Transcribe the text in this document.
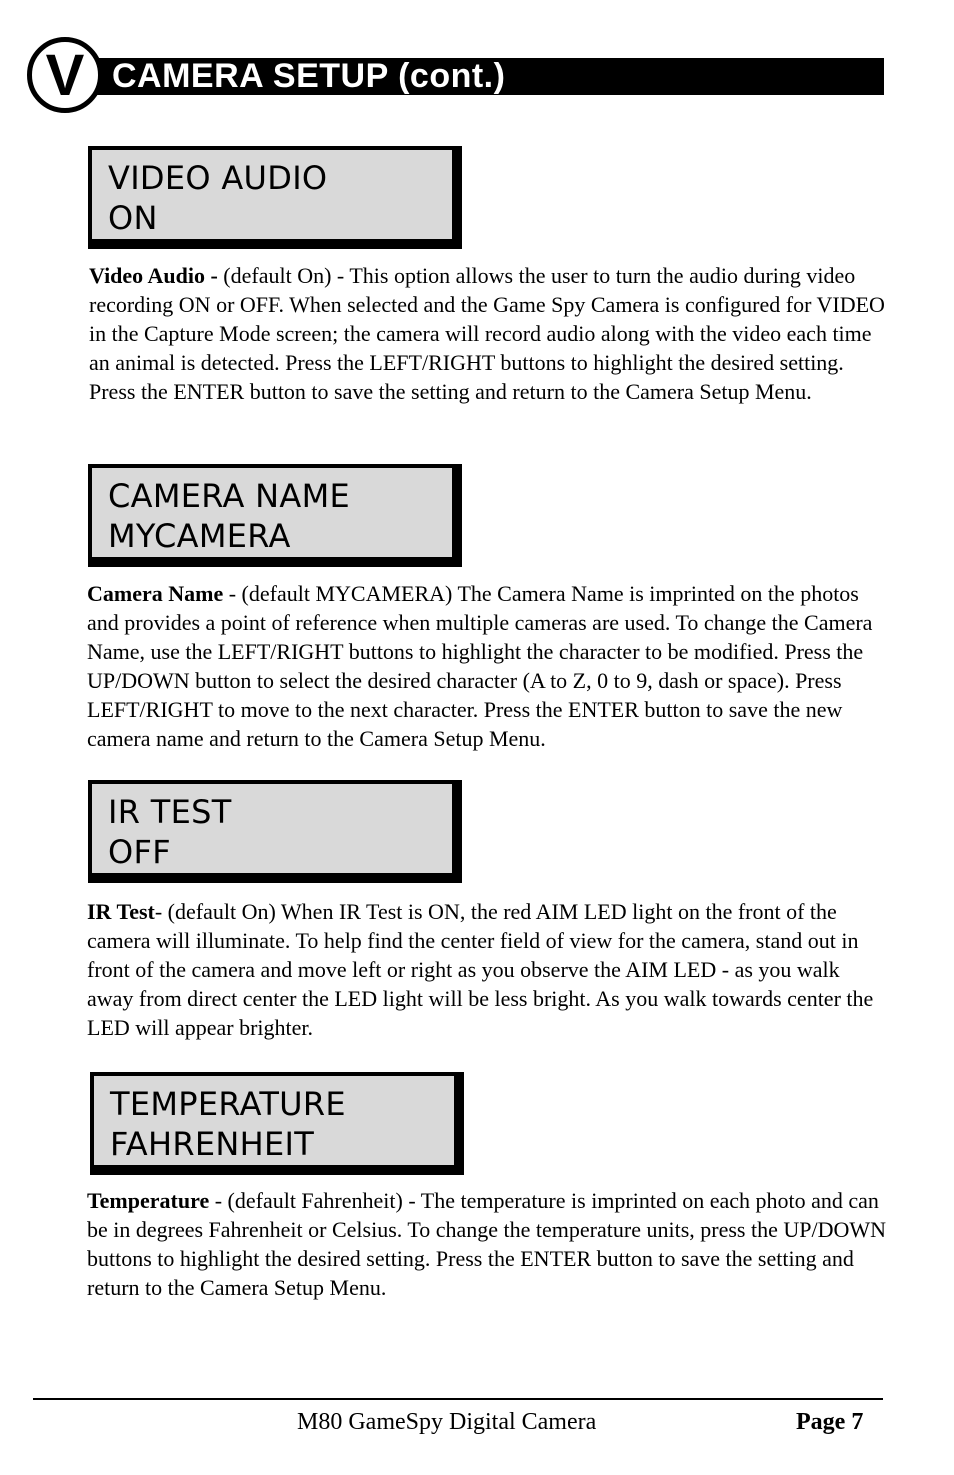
V CAMERA SETUP (cont.)
VIDEO AUDIO
ON

Video Audio - (default On) - This option allows the user to turn the audio during video recording ON or OFF. When selected and the Game Spy Camera is configured for VIDEO in the Capture Mode screen; the camera will record audio along with the video each time an animal is detected. Press the LEFT/RIGHT buttons to highlight the desired setting. Press the ENTER button to save the setting and return to the Camera Setup Menu.

CAMERA NAME
MYCAMERA

Camera Name - (default MYCAMERA) The Camera Name is imprinted on the photos and provides a point of reference when multiple cameras are used. To change the Camera Name, use the LEFT/RIGHT buttons to highlight the character to be modified. Press the UP/DOWN button to select the desired character (A to Z, 0 to 9, dash or space). Press LEFT/RIGHT to move to the next character. Press the ENTER button to save the new camera name and return to the Camera Setup Menu.

IR TEST
OFF

IR Test- (default On) When IR Test is ON, the red AIM LED light on the front of the camera will illuminate. To help find the center field of view for the camera, stand out in front of the camera and move left or right as you observe the AIM LED - as you walk away from direct center the LED light will be less bright. As you walk towards center the LED will appear brighter.

TEMPERATURE
FAHRENHEIT

Temperature - (default Fahrenheit) - The temperature is imprinted on each photo and can be in degrees Fahrenheit or Celsius. To change the temperature units, press the UP/DOWN buttons to highlight the desired setting. Press the ENTER button to save the setting and return to the Camera Setup Menu.

M80 GameSpy Digital Camera	Page 7
